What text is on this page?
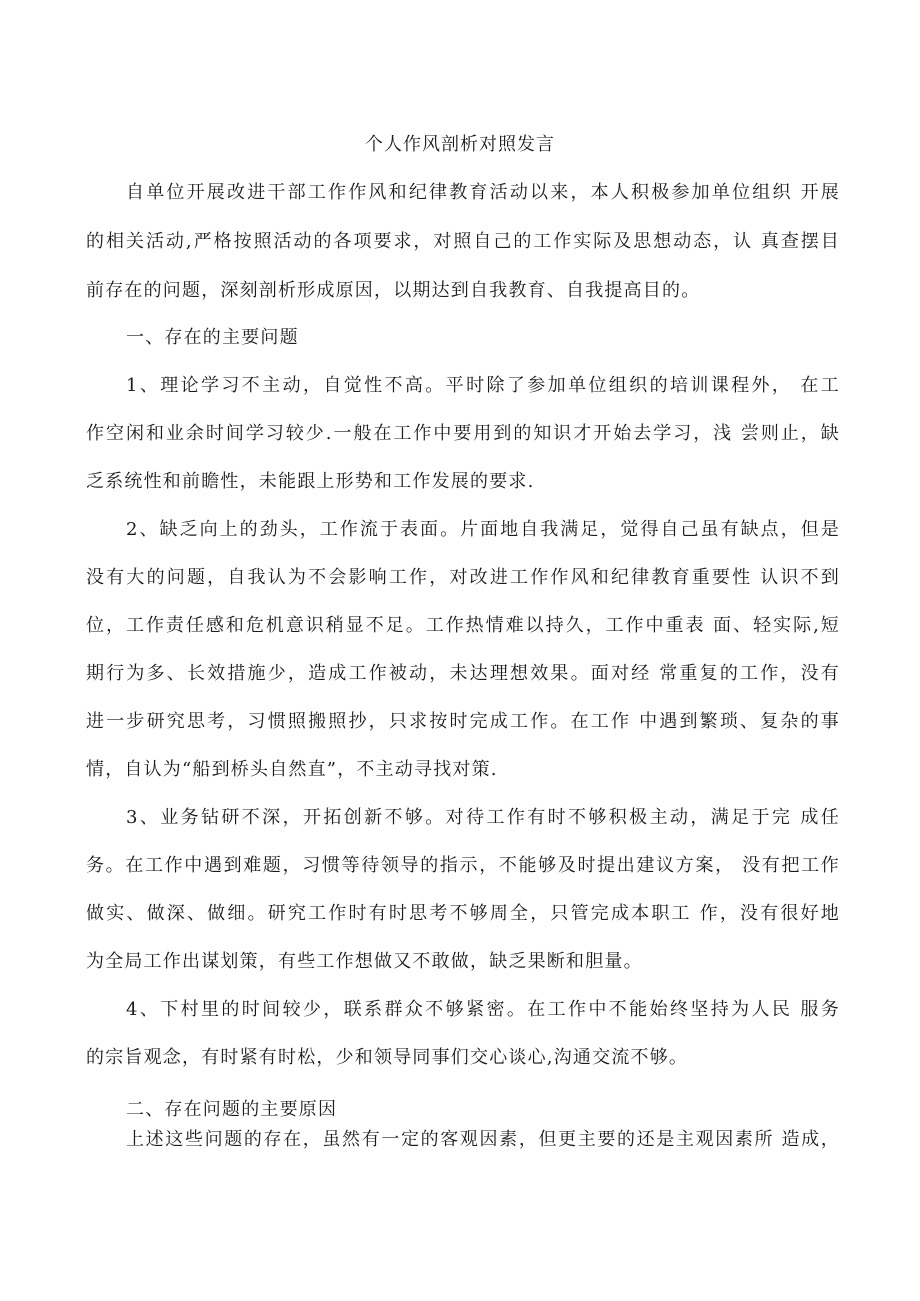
个人作风剖析对照发言
自单位开展改进干部工作作风和纪律教育活动以来，本人积极参加单位组织 开展
的相关活动,严格按照活动的各项要求，对照自己的工作实际及思想动态，认 真查摆目
前存在的问题，深刻剖析形成原因，以期达到自我教育、自我提高目的。
一、存在的主要问题
1、理论学习不主动，自觉性不高。平时除了参加单位组织的培训课程外， 在工
作空闲和业余时间学习较少.一般在工作中要用到的知识才开始去学习，浅 尝则止，缺
乏系统性和前瞻性，未能跟上形势和工作发展的要求.
2、缺乏向上的劲头，工作流于表面。片面地自我满足，觉得自己虽有缺点，但是
没有大的问题，自我认为不会影响工作，对改进工作作风和纪律教育重要性 认识不到
位，工作责任感和危机意识稍显不足。工作热情难以持久，工作中重表 面、轻实际,短
期行为多、长效措施少，造成工作被动，未达理想效果。面对经 常重复的工作，没有
进一步研究思考，习惯照搬照抄，只求按时完成工作。在工作 中遇到繁琐、复杂的事
情，自认为“船到桥头自然直”，不主动寻找对策.
3、业务钻研不深，开拓创新不够。对待工作有时不够积极主动，满足于完 成任
务。在工作中遇到难题，习惯等待领导的指示，不能够及时提出建议方案， 没有把工作
做实、做深、做细。研究工作时有时思考不够周全，只管完成本职工 作，没有很好地
为全局工作出谋划策，有些工作想做又不敢做，缺乏果断和胆量。
4、下村里的时间较少，联系群众不够紧密。在工作中不能始终坚持为人民 服务
的宗旨观念，有时紧有时松，少和领导同事们交心谈心,沟通交流不够。
二、存在问题的主要原因
上述这些问题的存在，虽然有一定的客观因素，但更主要的还是主观因素所 造成，
